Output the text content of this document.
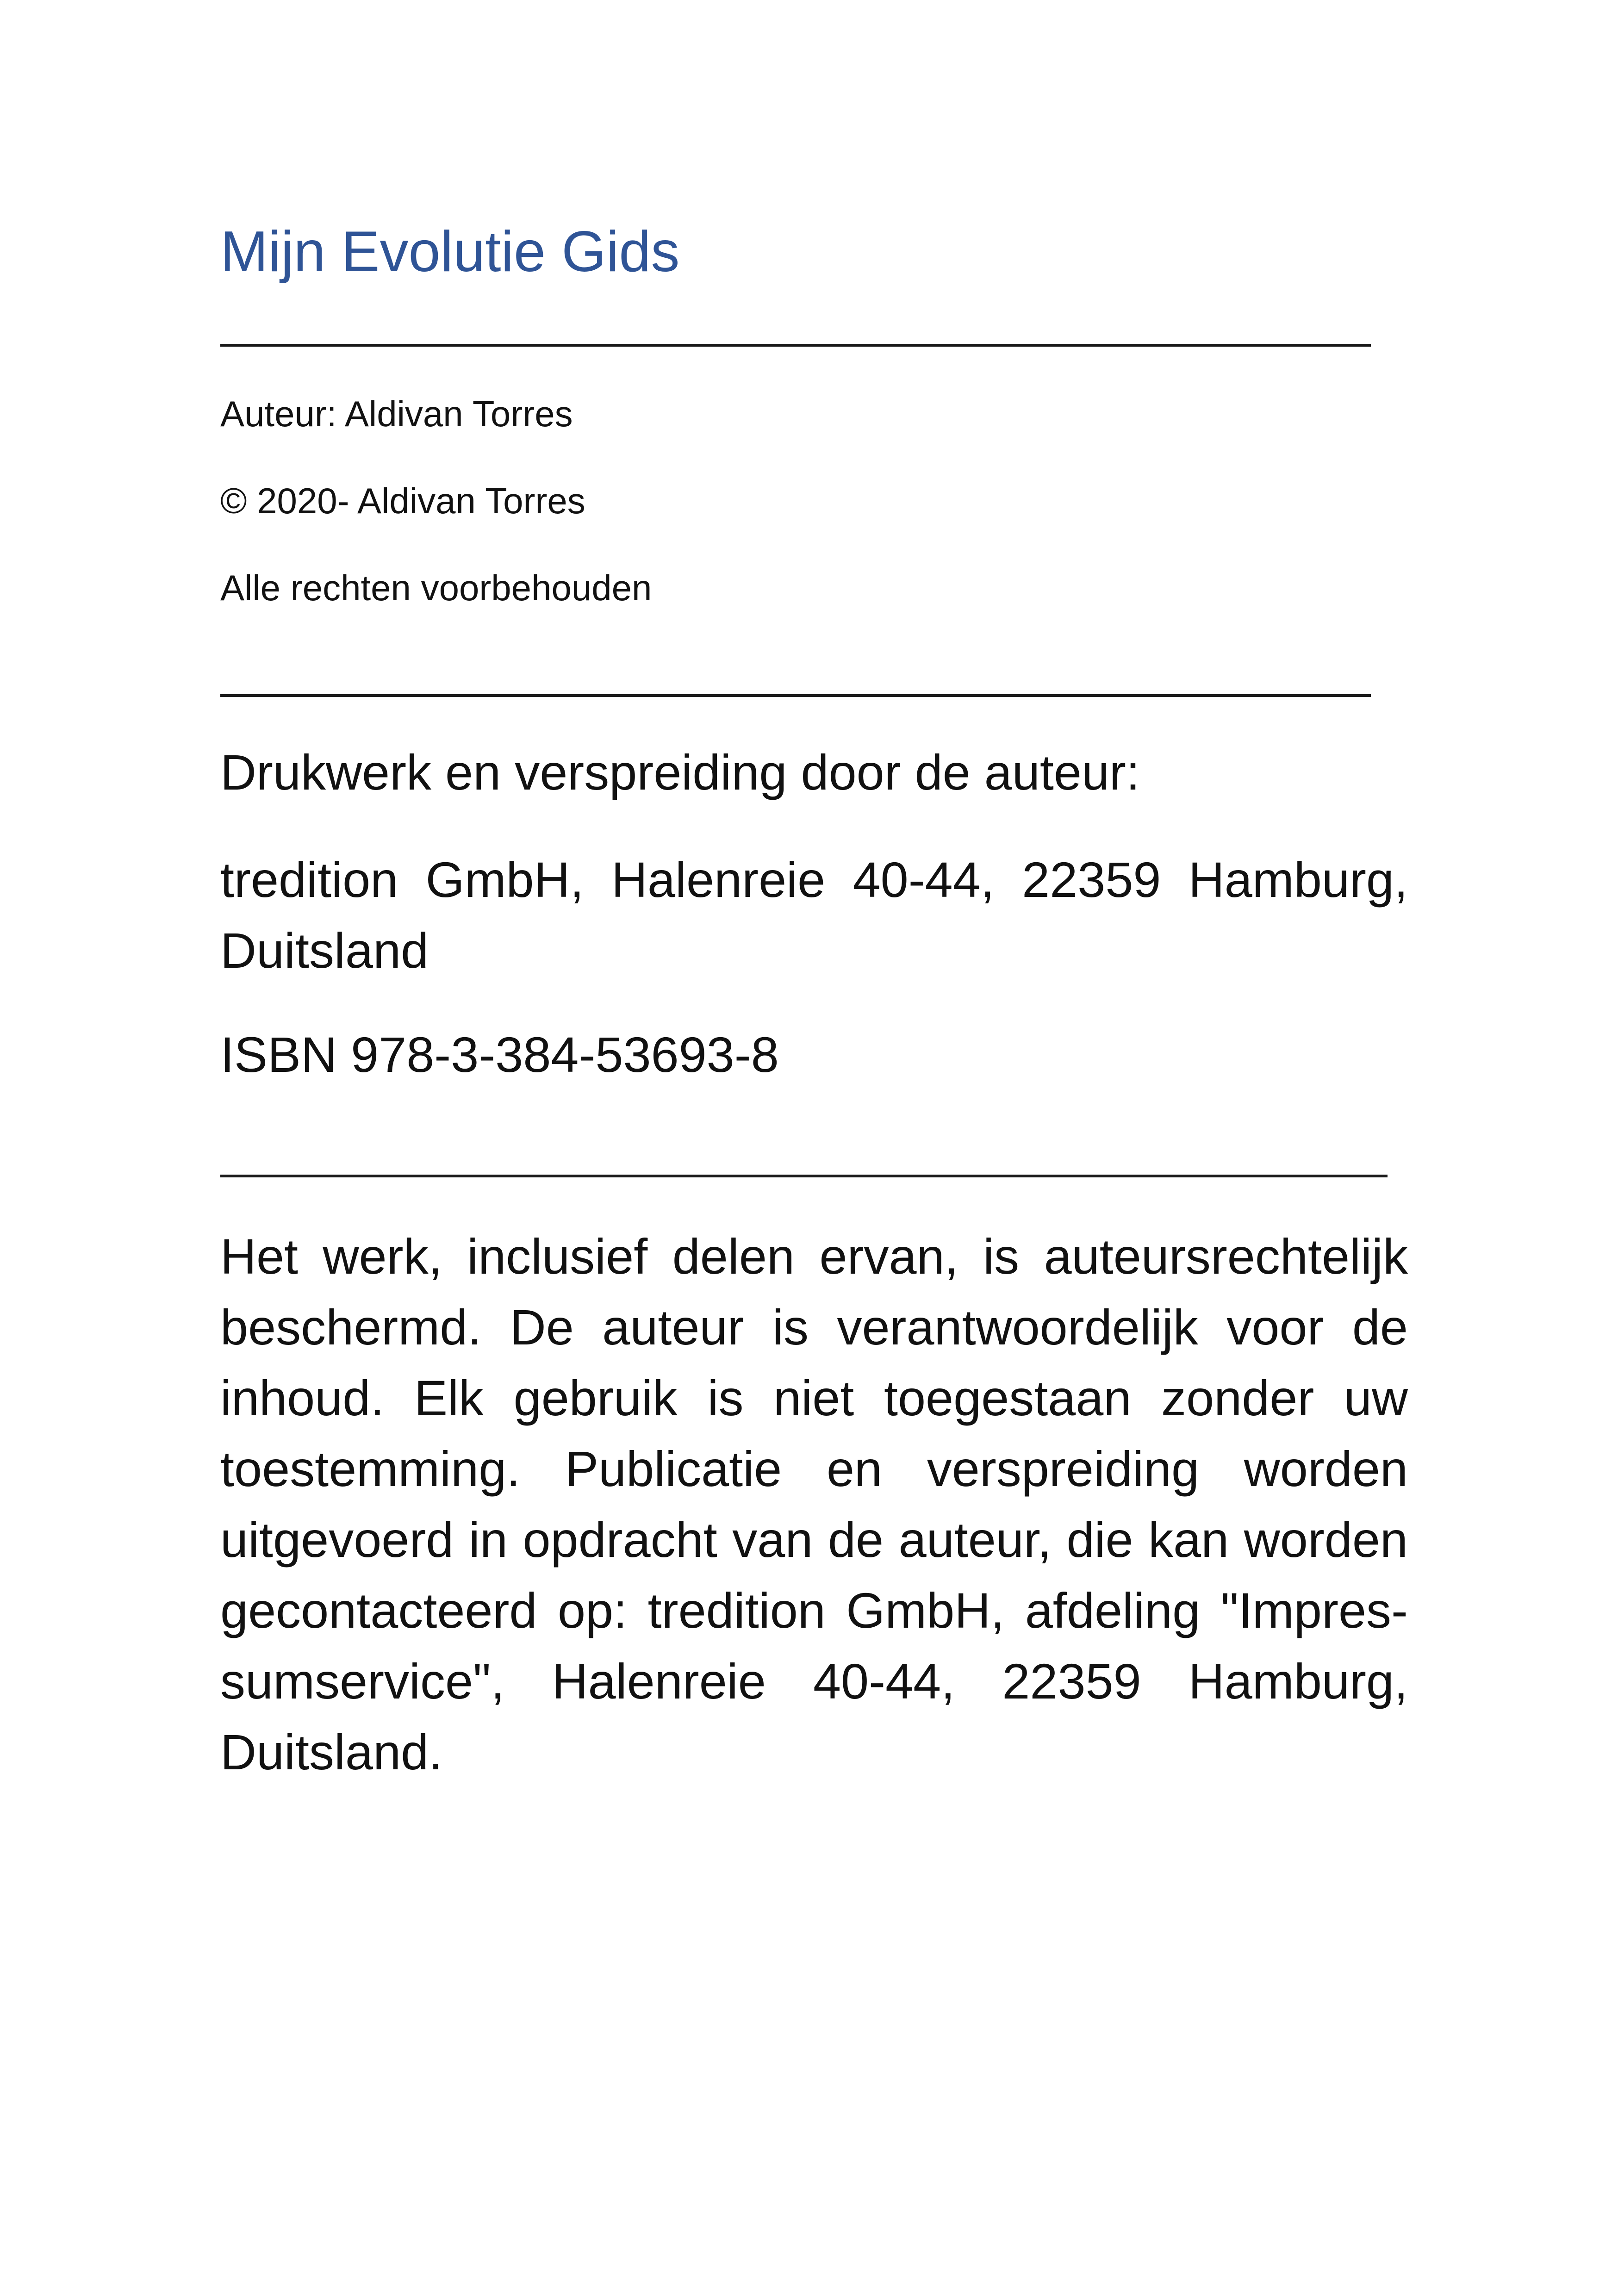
Mijn Evolutie Gids

Auteur: Aldivan Torres

© 2020- Aldivan Torres

Alle rechten voorbehouden

Drukwerk en verspreiding door de auteur:

tredition GmbH, Halenreie 40-44, 22359 Hamburg, Duitsland

ISBN 978-3-384-53693-8

Het werk, inclusief delen ervan, is auteursrechtelijk beschermd. De auteur is verantwoordelijk voor de inhoud. Elk gebruik is niet toegestaan zonder uw toestemming. Publicatie en verspreiding worden uitgevoerd in opdracht van de auteur, die kan worden gecontacteerd op: tredition GmbH, afdeling "Impres-sumservice", Halenreie 40-44, 22359 Hamburg, Duitsland.
